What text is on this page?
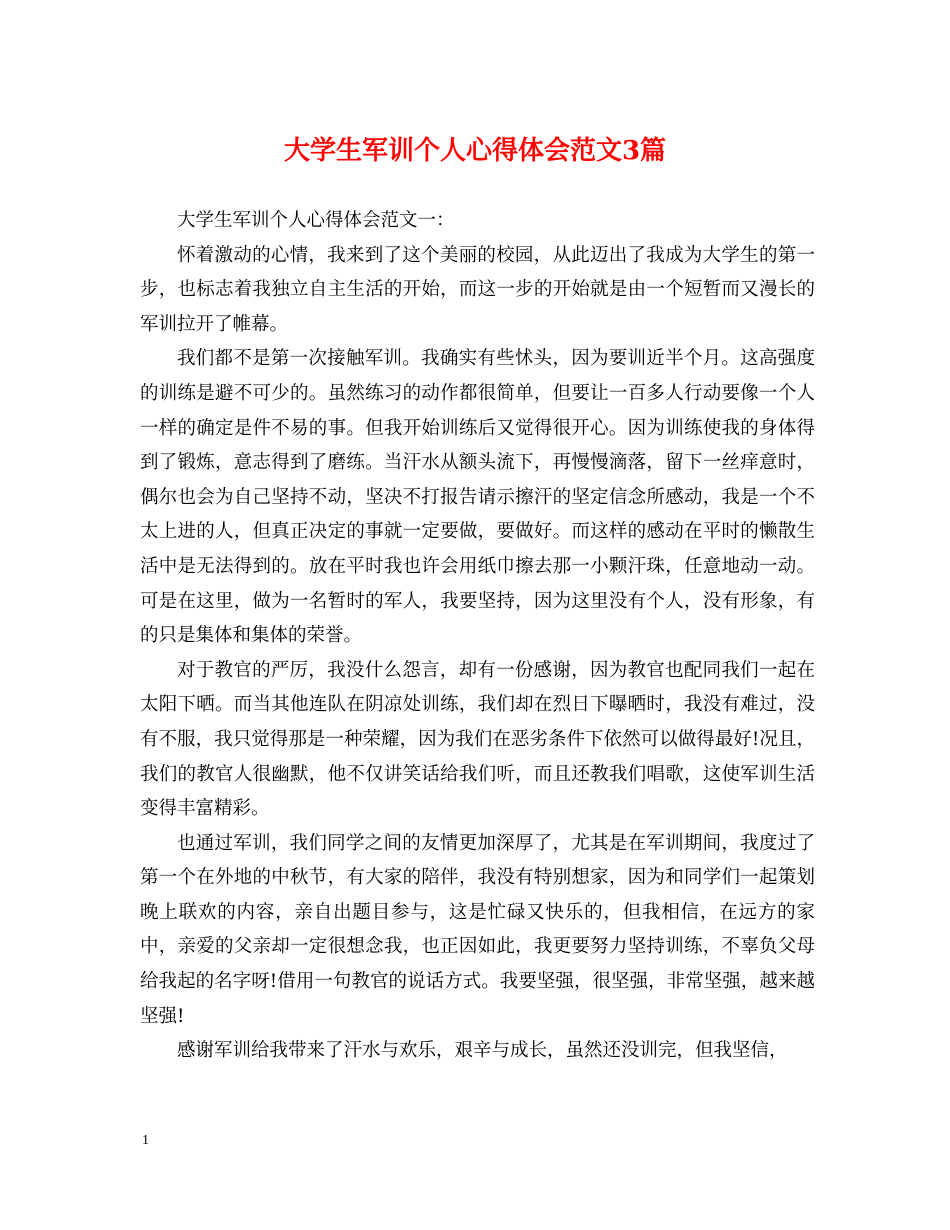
大学生军训个人心得体会范文3篇

大学生军训个人心得体会范文一：

怀着激动的心情，我来到了这个美丽的校园，从此迈出了我成为大学生的第一步，也标志着我独立自主生活的开始，而这一步的开始就是由一个短暂而又漫长的军训拉开了帷幕。

我们都不是第一次接触军训。我确实有些怵头，因为要训近半个月。这高强度的训练是避不可少的。虽然练习的动作都很简单，但要让一百多人行动要像一个人一样的确定是件不易的事。但我开始训练后又觉得很开心。因为训练使我的身体得到了锻炼，意志得到了磨练。当汗水从额头流下，再慢慢滴落，留下一丝痒意时，偶尔也会为自己坚持不动，坚决不打报告请示擦汗的坚定信念所感动，我是一个不太上进的人，但真正决定的事就一定要做，要做好。而这样的感动在平时的懒散生活中是无法得到的。放在平时我也许会用纸巾擦去那一小颗汗珠，任意地动一动。可是在这里，做为一名暂时的军人，我要坚持，因为这里没有个人，没有形象，有的只是集体和集体的荣誉。

对于教官的严厉，我没什么怨言，却有一份感谢，因为教官也配同我们一起在太阳下晒。而当其他连队在阴凉处训练，我们却在烈日下曝晒时，我没有难过，没有不服，我只觉得那是一种荣耀，因为我们在恶劣条件下依然可以做得最好!况且，我们的教官人很幽默，他不仅讲笑话给我们听，而且还教我们唱歌，这使军训生活变得丰富精彩。

也通过军训，我们同学之间的友情更加深厚了，尤其是在军训期间，我度过了第一个在外地的中秋节，有大家的陪伴，我没有特别想家，因为和同学们一起策划晚上联欢的内容，亲自出题目参与，这是忙碌又快乐的，但我相信，在远方的家中，亲爱的父亲却一定很想念我，也正因如此，我更要努力坚持训练，不辜负父母给我起的名字呀!借用一句教官的说话方式。我要坚强，很坚强，非常坚强，越来越坚强!

感谢军训给我带来了汗水与欢乐，艰辛与成长，虽然还没训完，但我坚信，

1
